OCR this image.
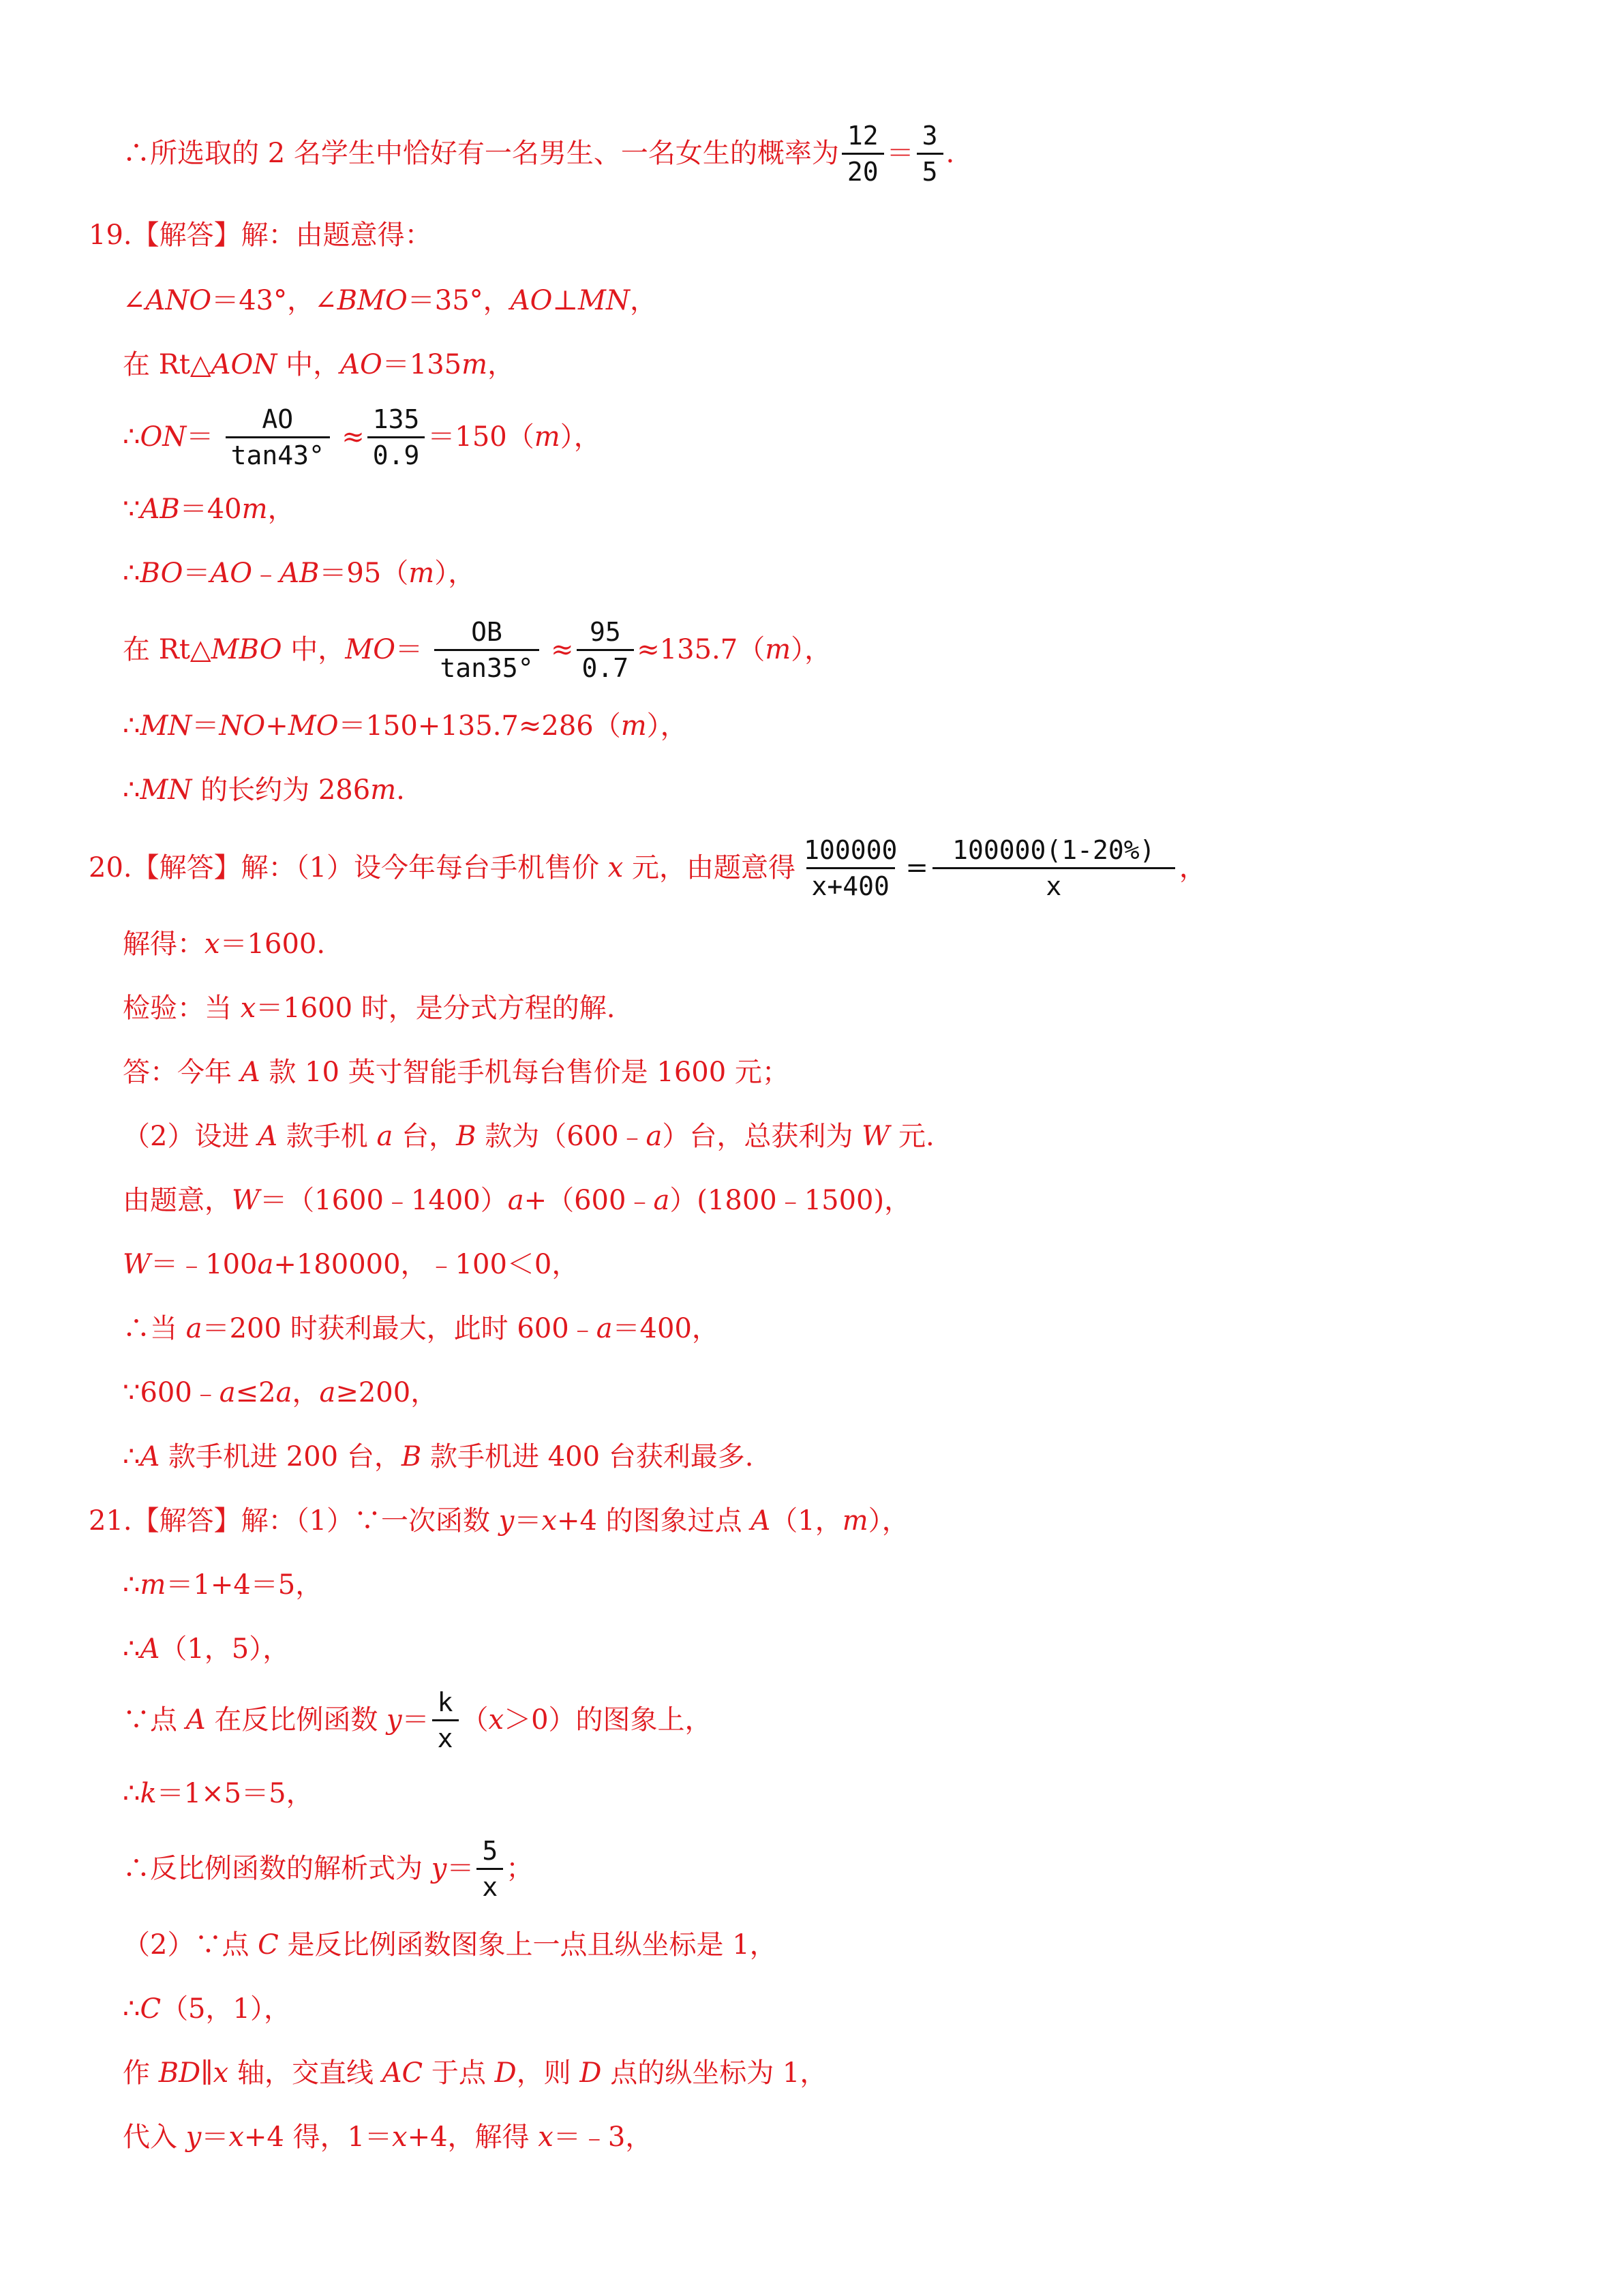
∴所选取的 2 名学生中恰好有一名男生、一名女生的概率为 $\frac{12}{20} = \frac{3}{5}$ .
19.【解答】解：由题意得：
∠ ANO ＝43°，∠ BMO ＝35°， AO ⊥ MN ，
在 Rt△ AON 中， AO ＝135 m ，
∴ ON ＝ $\frac{AO}{\tan 43^\circ} \approx \frac{135}{0.9} =150$（ m ），
∵ AB ＝40 m ，
∴ BO ＝ AO ﹣ AB ＝95（ m ），
在 Rt△ MBO 中， MO ＝ $\frac{OB}{\tan 35^\circ} \approx \frac{95}{0.7} \approx 135.7$（ m ），
∴ MN ＝ NO + MO ＝150+135.7≈286（ m ），
∴ MN 的长约为 286 m .
20.【解答】解：（1）设今年每台手机售价 x 元，由题意得 $\frac{100000}{x+400} = \frac{100000(1-20\%)}{x}$ ，
解得： x ＝1600.
检验：当 x ＝1600 时，是分式方程的解.
答：今年 A 款 10 英寸智能手机每台售价是 1600 元；
（2）设进 A 款手机 a 台， B 款为（600﹣ a ）台，总获利为 W 元.
由题意， W ＝（1600﹣1400） a +（600﹣ a ）(1800﹣1500)，
W ＝﹣100 a +180000，﹣100＜0，
∴当 a ＝200 时获利最大，此时 600﹣ a ＝400，
∵600﹣ a ≤2 a ， a ≥200，
∴ A 款手机进 200 台， B 款手机进 400 台获利最多.
21.【解答】解：（1）∵一次函数 y ＝ x +4 的图象过点 A （1， m ），
∴ m ＝1+4＝5，
∴ A （1，5），
∵点 A 在反比例函数 $y = \frac{k}{x}$ （ x ＞0）的图象上，
∴ k ＝1×5＝5，
∴反比例函数的解析式为 $y = \frac{5}{x}$ ；
（2）∵点 C 是反比例函数图象上一点且纵坐标是 1，
∴ C （5，1），
作 BD ∥ x 轴，交直线 AC 于点 D ，则 D 点的纵坐标为 1，
代入 y ＝ x +4 得，1＝ x +4，解得 x ＝﹣3，
